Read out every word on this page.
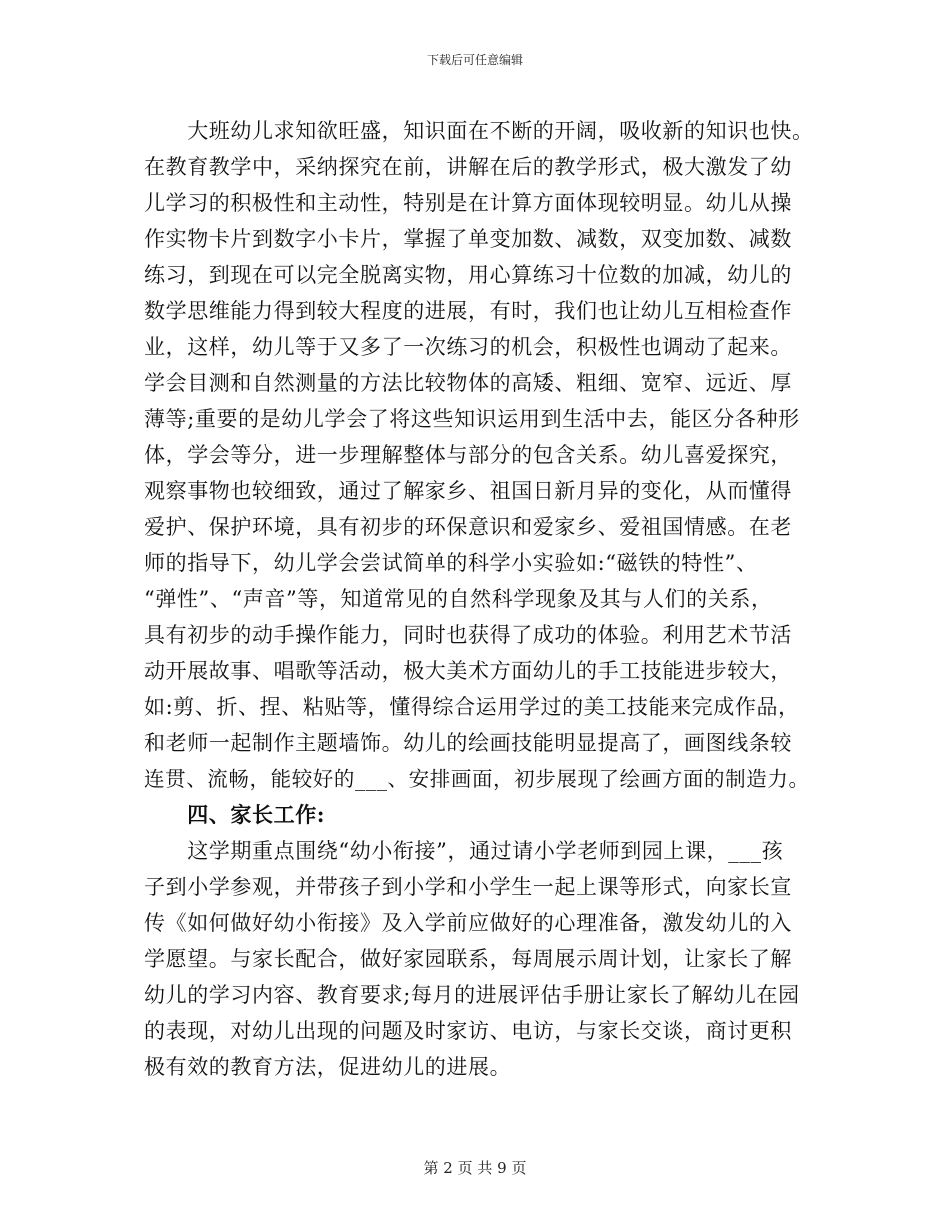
下载后可任意编辑
　　大班幼儿求知欲旺盛，知识面在不断的开阔，吸收新的知识也快。
在教育教学中，采纳探究在前，讲解在后的教学形式，极大激发了幼
儿学习的积极性和主动性，特别是在计算方面体现较明显。幼儿从操
作实物卡片到数字小卡片，掌握了单变加数、减数，双变加数、减数
练习，到现在可以完全脱离实物，用心算练习十位数的加减，幼儿的
数学思维能力得到较大程度的进展，有时，我们也让幼儿互相检查作
业，这样，幼儿等于又多了一次练习的机会，积极性也调动了起来。
学会目测和自然测量的方法比较物体的高矮、粗细、宽窄、远近、厚
薄等;重要的是幼儿学会了将这些知识运用到生活中去，能区分各种形
体，学会等分，进一步理解整体与部分的包含关系。幼儿喜爱探究，
观察事物也较细致，通过了解家乡、祖国日新月异的变化，从而懂得
爱护、保护环境，具有初步的环保意识和爱家乡、爱祖国情感。在老
师的指导下，幼儿学会尝试简单的科学小实验如:“磁铁的特性”、
“弹性”、“声音”等，知道常见的自然科学现象及其与人们的关系，
具有初步的动手操作能力，同时也获得了成功的体验。利用艺术节活
动开展故事、唱歌等活动，极大美术方面幼儿的手工技能进步较大，
如:剪、折、捏、粘贴等，懂得综合运用学过的美工技能来完成作品，
和老师一起制作主题墙饰。幼儿的绘画技能明显提高了，画图线条较
连贯、流畅，能较好的___、安排画面，初步展现了绘画方面的制造力。
　　四、家长工作:
　　这学期重点围绕“幼小衔接”，通过请小学老师到园上课，___孩
子到小学参观，并带孩子到小学和小学生一起上课等形式，向家长宣
传《如何做好幼小衔接》及入学前应做好的心理准备，激发幼儿的入
学愿望。与家长配合，做好家园联系，每周展示周计划，让家长了解
幼儿的学习内容、教育要求;每月的进展评估手册让家长了解幼儿在园
的表现，对幼儿出现的问题及时家访、电访，与家长交谈，商讨更积
极有效的教育方法，促进幼儿的进展。
第 2 页 共 9 页
